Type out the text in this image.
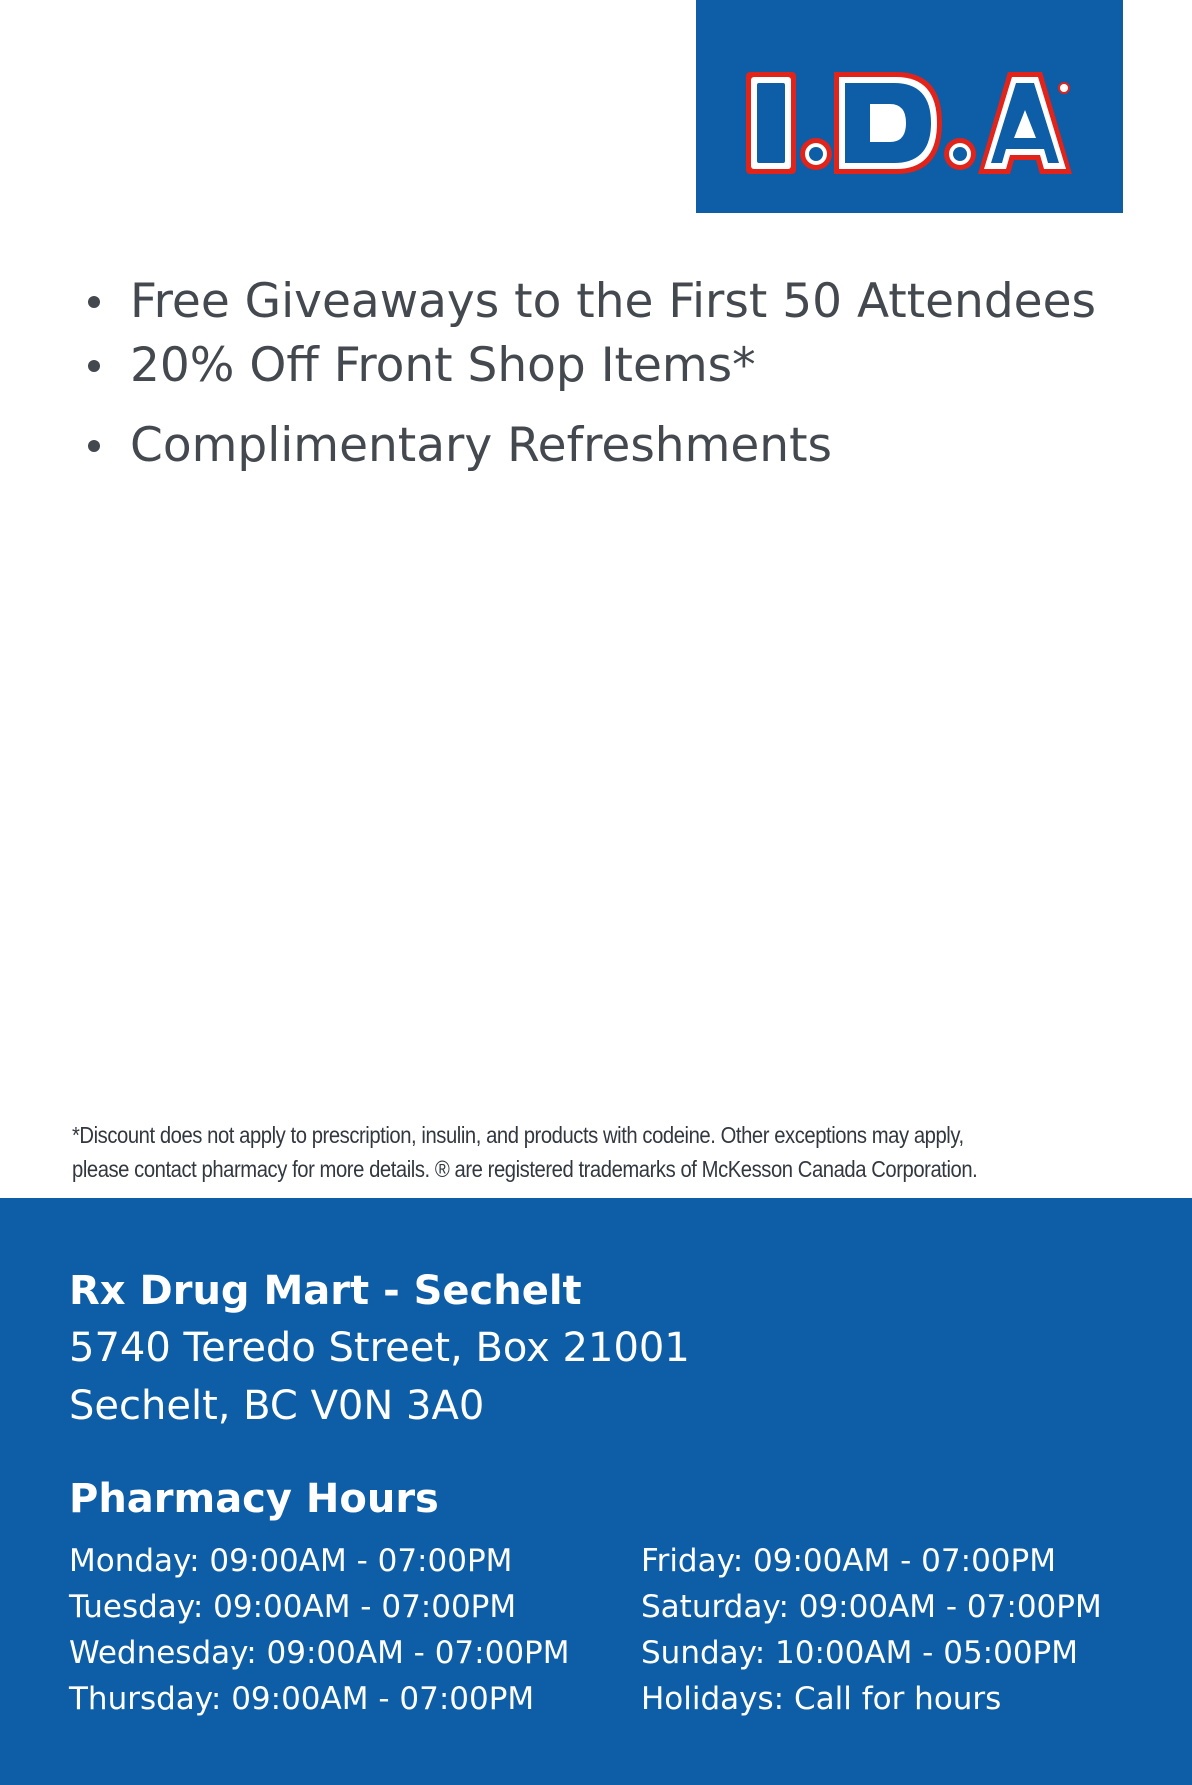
Free Giveaways to the First 50 Attendees
20% Off Front Shop Items*
Complimentary Refreshments
*Discount does not apply to prescription, insulin, and products with codeine. Other exceptions may apply,
please contact pharmacy for more details. ® are registered trademarks of McKesson Canada Corporation.
Rx Drug Mart - Sechelt
5740 Teredo Street, Box 21001
Sechelt, BC V0N 3A0
Pharmacy Hours
Monday: 09:00AM - 07:00PM
Tuesday: 09:00AM - 07:00PM
Wednesday: 09:00AM - 07:00PM
Thursday: 09:00AM - 07:00PM
Friday: 09:00AM - 07:00PM
Saturday: 09:00AM - 07:00PM
Sunday: 10:00AM - 05:00PM
Holidays: Call for hours
